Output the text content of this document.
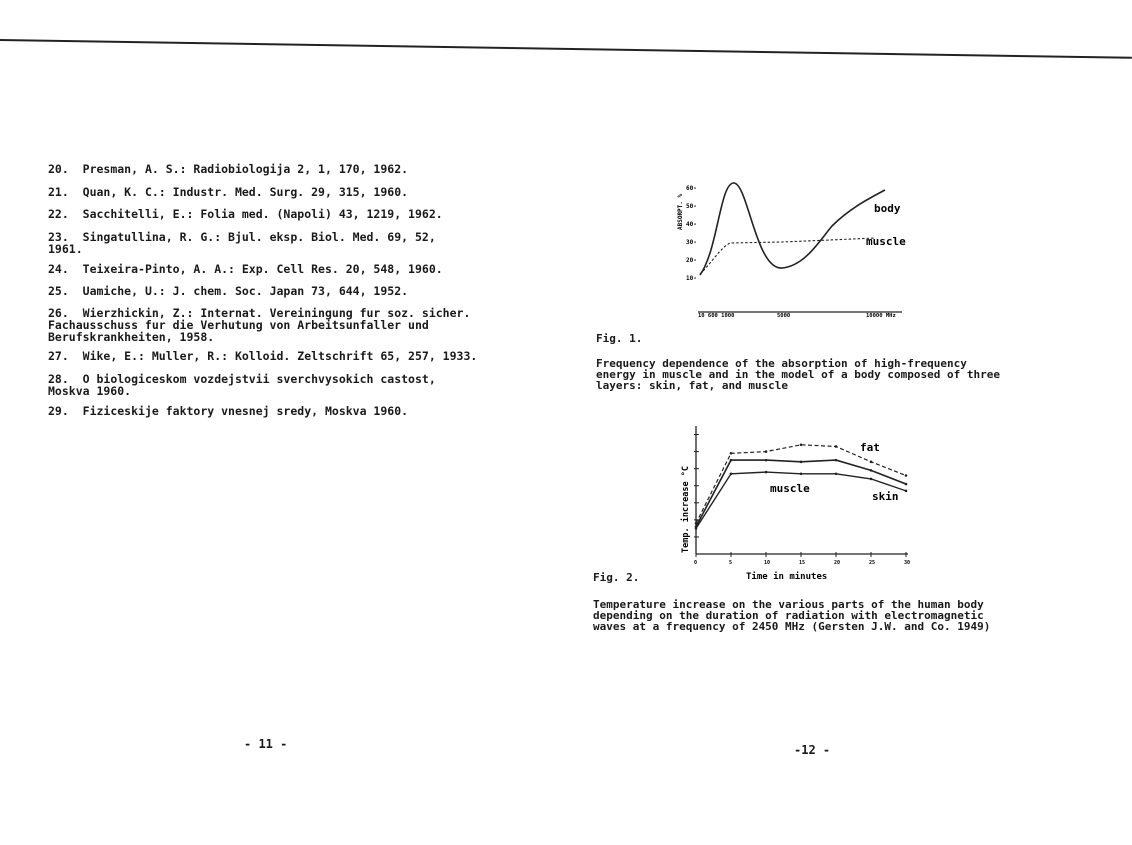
20. Presman, A. S.: Radiobiologija 2, 1, 170, 1962.
21. Quan, K. C.: Industr. Med. Surg. 29, 315, 1960.
22. Sacchitelli, E.: Folia med. (Napoli) 43, 1219, 1962.
23. Singatullina, R. G.: Bjul. eksp. Biol. Med. 69, 52,
1961.
24. Teixeira-Pinto, A. A.: Exp. Cell Res. 20, 548, 1960.
25. Uamiche, U.: J. chem. Soc. Japan 73, 644, 1952.
26. Wierzhickin, Z.: Internat. Vereiningung fur soz. sicher.
Fachausschuss fur die Verhutung von Arbeitsunfaller und
Berufskrankheiten, 1958.
27. Wike, E.: Muller, R.: Kolloid. Zeltschrift 65, 257, 1933.
28. O biologiceskom vozdejstvii sverchvysokich castost,
Moskva 1960.
29. Fiziceskije faktory vnesnej sredy, Moskva 1960.
- 11 -	-12 -
ABSORPT. %
60-
50-
40-
30-
20-
10-
10 600 1000	5000	10000 MHz
body
muscle
Fig. 1.
Frequency dependence of the absorption of high-frequency
energy in muscle and in the model of a body composed of three
layers: skin, fat, and muscle
Temp. increase °C
0	5	10	15	20	25	30
fat
muscle
skin
Time in minutes
Fig. 2.
Temperature increase on the various parts of the human body
depending on the duration of radiation with electromagnetic
waves at a frequency of 2450 MHz (Gersten J.W. and Co. 1949)
